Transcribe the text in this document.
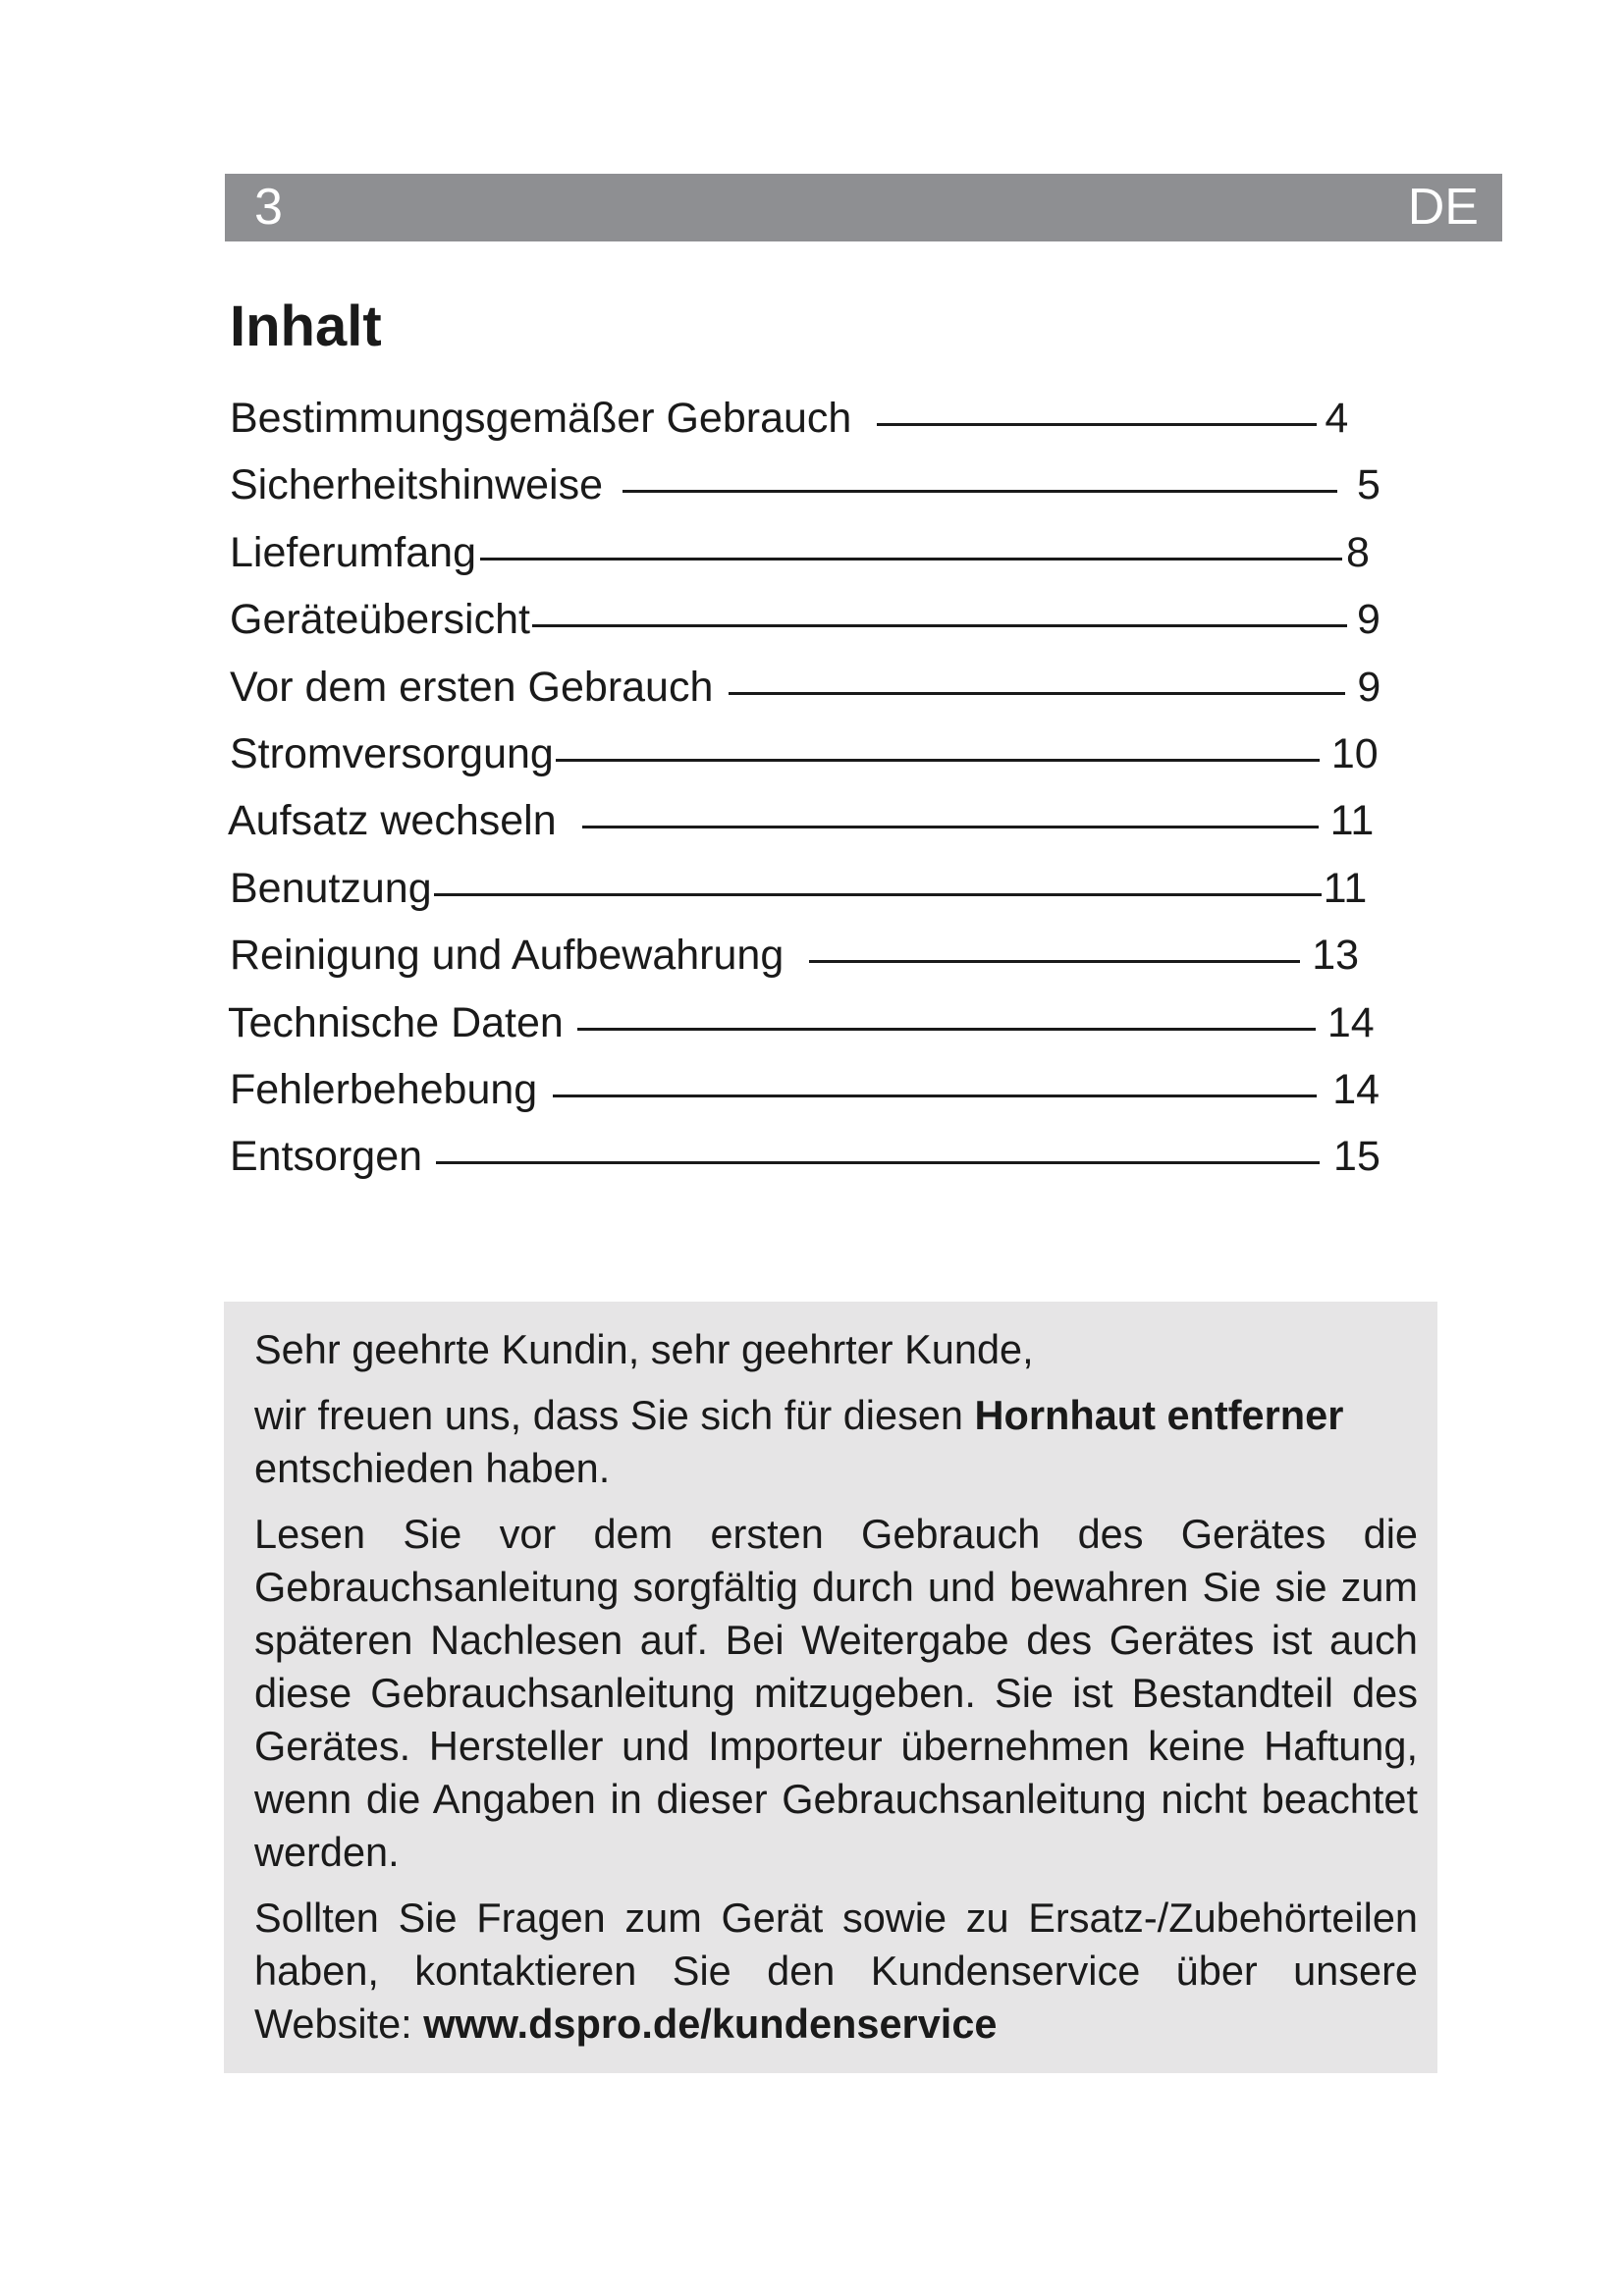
3	DE
Inhalt
Bestimmungsgemäßer Gebrauch	4
Sicherheitshinweise	5
Lieferumfang	8
Geräteübersicht	9
Vor dem ersten Gebrauch	9
Stromversorgung	10
Aufsatz wechseln	11
Benutzung	11
Reinigung und Aufbewahrung	13
Technische Daten	14
Fehlerbehebung	14
Entsorgen	15

Sehr geehrte Kundin, sehr geehrter Kunde,

wir freuen uns, dass Sie sich für diesen Hornhaut entferner entschieden haben.

Lesen Sie vor dem ersten Gebrauch des Gerätes die Gebrauchsanleitung sorgfältig durch und bewahren Sie sie zum späteren Nachlesen auf. Bei Weitergabe des Gerätes ist auch diese Gebrauchsanleitung mitzugeben. Sie ist Bestandteil des Gerätes. Hersteller und Importeur übernehmen keine Haftung, wenn die Angaben in dieser Gebrauchsanleitung nicht beachtet werden.

Sollten Sie Fragen zum Gerät sowie zu Ersatz-/Zubehörteilen haben, kontaktieren Sie den Kundenservice über unsere Website: www.dspro.de/kundenservice
